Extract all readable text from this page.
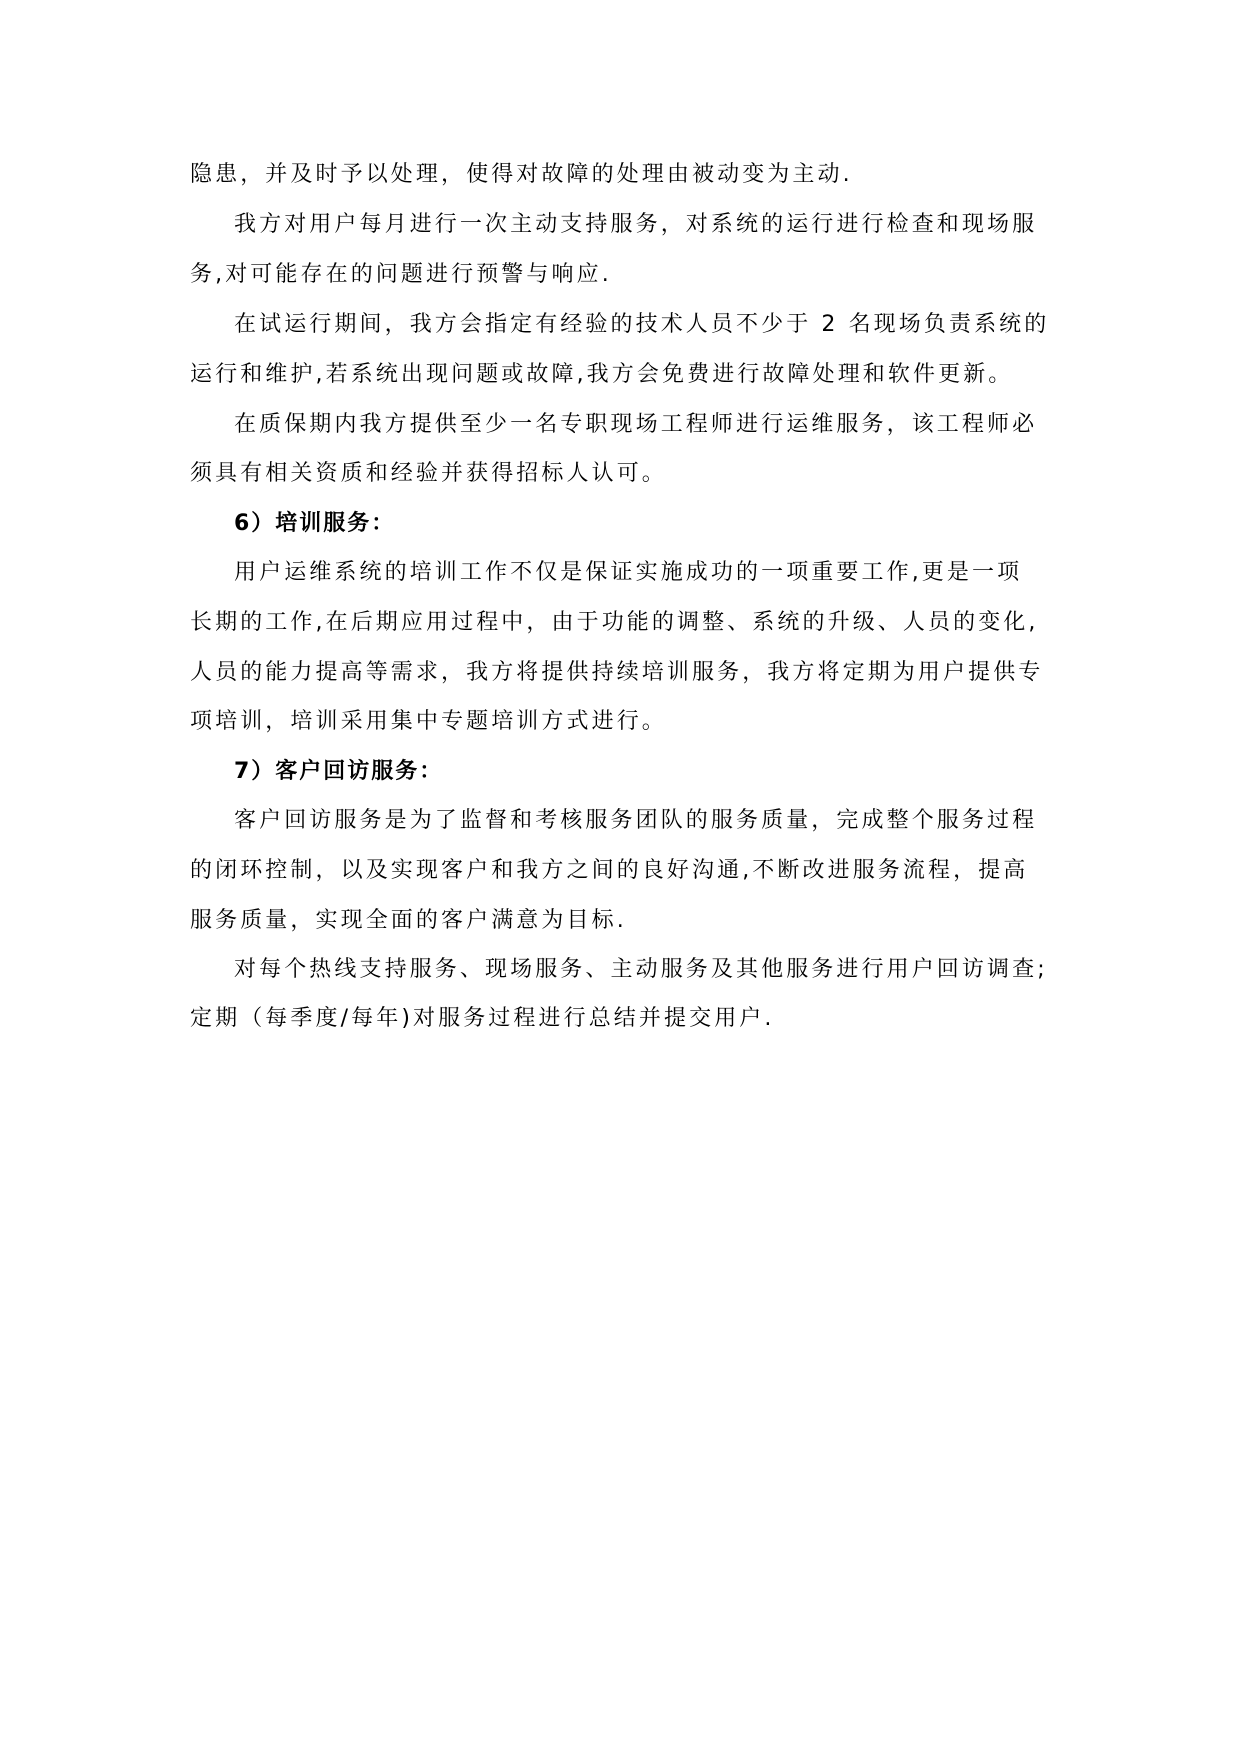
隐患，并及时予以处理，使得对故障的处理由被动变为主动.
我方对用户每月进行一次主动支持服务，对系统的运行进行检查和现场服
务,对可能存在的问题进行预警与响应.
在试运行期间，我方会指定有经验的技术人员不少于 2 名现场负责系统的
运行和维护,若系统出现问题或故障,我方会免费进行故障处理和软件更新。
在质保期内我方提供至少一名专职现场工程师进行运维服务，该工程师必
须具有相关资质和经验并获得招标人认可。
6）培训服务：
用户运维系统的培训工作不仅是保证实施成功的一项重要工作,更是一项
长期的工作,在后期应用过程中，由于功能的调整、系统的升级、人员的变化,
人员的能力提高等需求，我方将提供持续培训服务，我方将定期为用户提供专
项培训，培训采用集中专题培训方式进行。
7）客户回访服务：
客户回访服务是为了监督和考核服务团队的服务质量，完成整个服务过程
的闭环控制，以及实现客户和我方之间的良好沟通,不断改进服务流程，提高
服务质量，实现全面的客户满意为目标.
对每个热线支持服务、现场服务、主动服务及其他服务进行用户回访调查;
定期（每季度/每年)对服务过程进行总结并提交用户.
